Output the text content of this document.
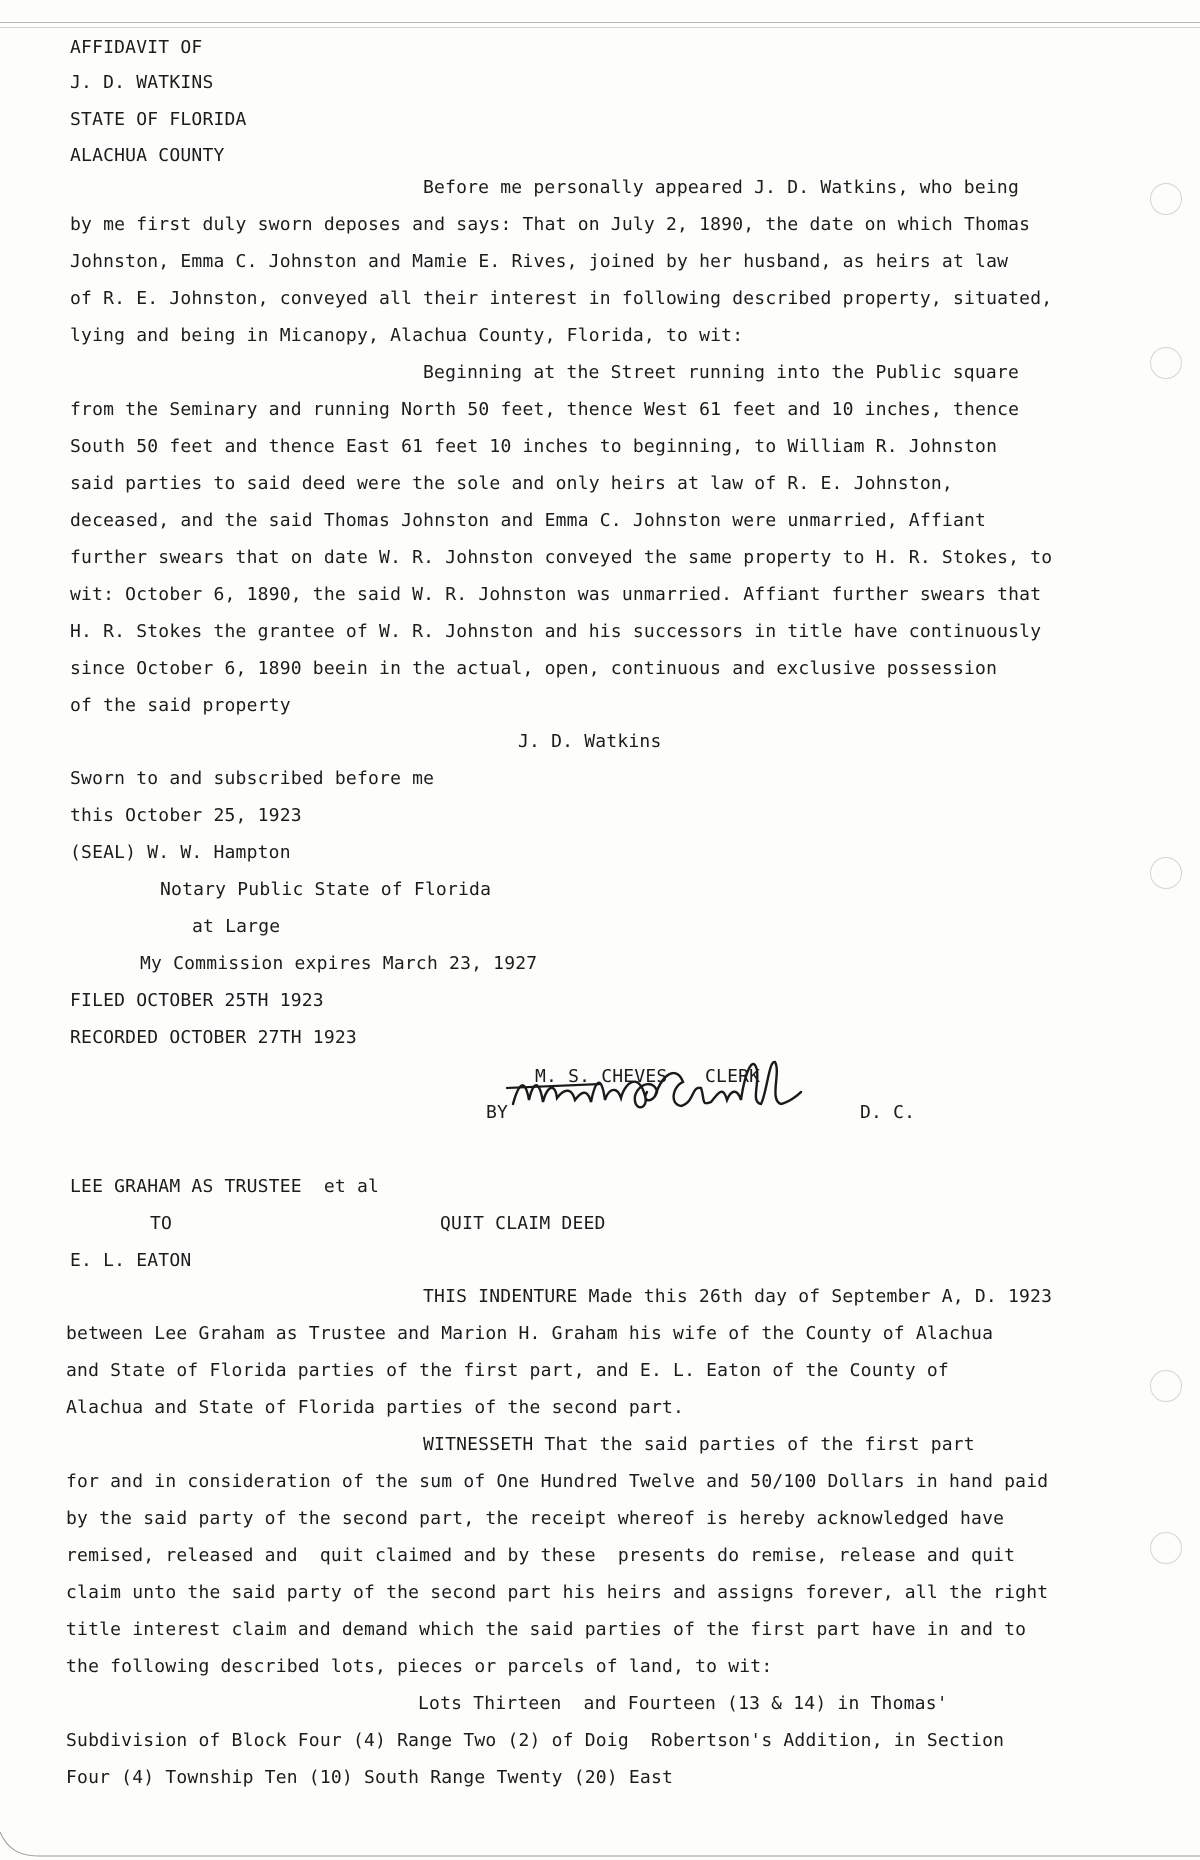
AFFIDAVIT OF
J. D. WATKINS
STATE OF FLORIDA
ALACHUA COUNTY
Before me personally appeared J. D. Watkins, who being
by me first duly sworn deposes and says: That on July 2, 1890, the date on which Thomas
Johnston, Emma C. Johnston and Mamie E. Rives, joined by her husband, as heirs at law
of R. E. Johnston, conveyed all their interest in following described property, situated,
lying and being in Micanopy, Alachua County, Florida, to wit:
Beginning at the Street running into the Public square
from the Seminary and running North 50 feet, thence West 61 feet and 10 inches, thence
South 50 feet and thence East 61 feet 10 inches to beginning, to William R. Johnston
said parties to said deed were the sole and only heirs at law of R. E. Johnston,
deceased, and the said Thomas Johnston and Emma C. Johnston were unmarried, Affiant
further swears that on date W. R. Johnston conveyed the same property to H. R. Stokes, to
wit: October 6, 1890, the said W. R. Johnston was unmarried. Affiant further swears that
H. R. Stokes the grantee of W. R. Johnston and his successors in title have continuously
since October 6, 1890 beein in the actual, open, continuous and exclusive possession
of the said property
J. D. Watkins
Sworn to and subscribed before me
this October 25, 1923
(SEAL) W. W. Hampton
Notary Public State of Florida
at Large
My Commission expires March 23, 1927
FILED OCTOBER 25TH 1923
RECORDED OCTOBER 27TH 1923
M. S. CHEVES CLERK
BY	D. C.
LEE GRAHAM AS TRUSTEE  et al
TO	QUIT CLAIM DEED
E. L. EATON
THIS INDENTURE Made this 26th day of September A, D. 1923
between Lee Graham as Trustee and Marion H. Graham his wife of the County of Alachua
and State of Florida parties of the first part, and E. L. Eaton of the County of
Alachua and State of Florida parties of the second part.
WITNESSETH That the said parties of the first part
for and in consideration of the sum of One Hundred Twelve and 50/100 Dollars in hand paid
by the said party of the second part, the receipt whereof is hereby acknowledged have
remised, released and  quit claimed and by these  presents do remise, release and quit
claim unto the said party of the second part his heirs and assigns forever, all the right
title interest claim and demand which the said parties of the first part have in and to
the following described lots, pieces or parcels of land, to wit:
Lots Thirteen  and Fourteen (13 & 14) in Thomas'
Subdivision of Block Four (4) Range Two (2) of Doig  Robertson's Addition, in Section
Four (4) Township Ten (10) South Range Twenty (20) East
